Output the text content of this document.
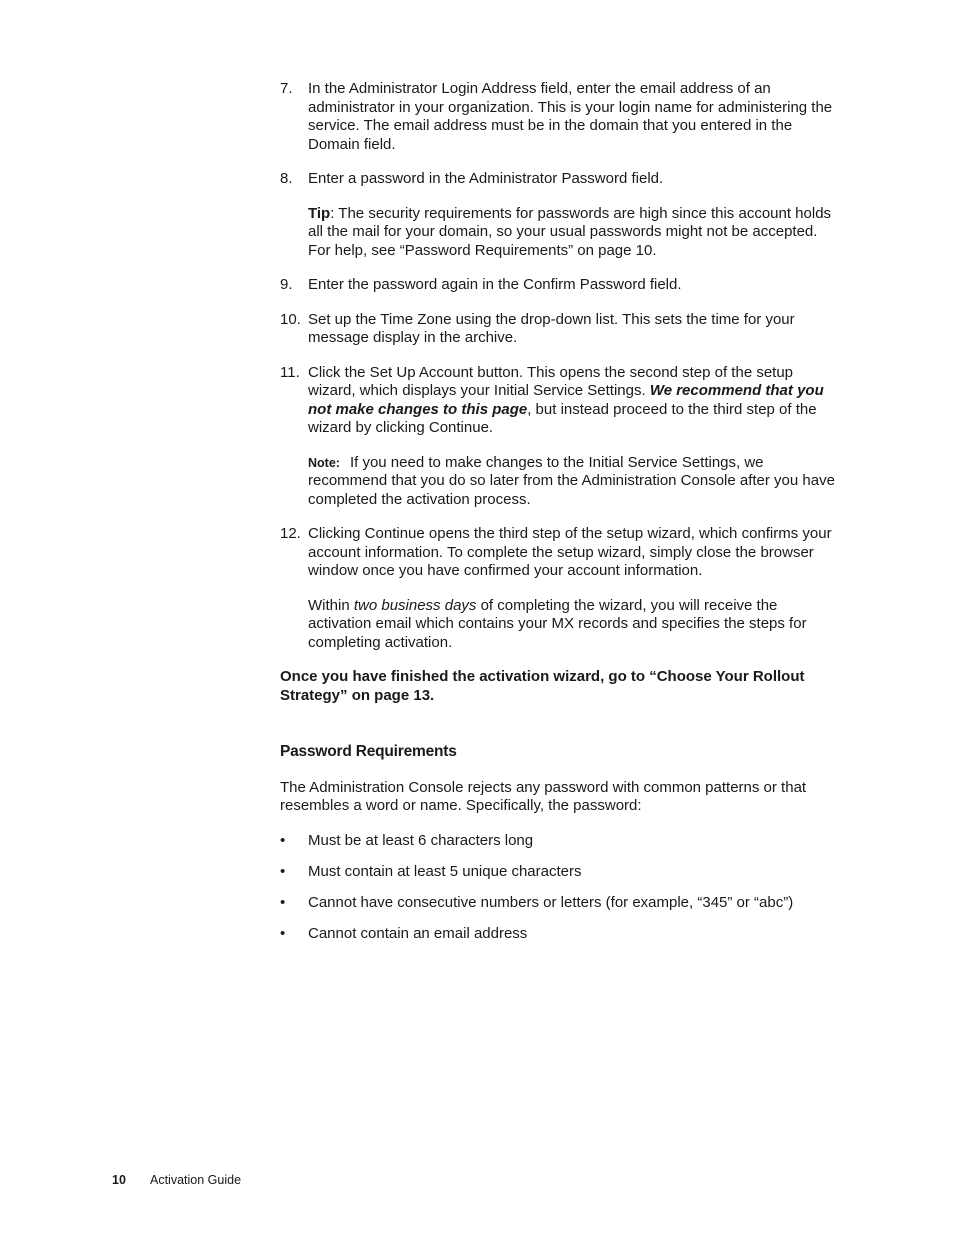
7. In the Administrator Login Address field, enter the email address of an administrator in your organization. This is your login name for administering the service. The email address must be in the domain that you entered in the Domain field.
8. Enter a password in the Administrator Password field.
Tip: The security requirements for passwords are high since this account holds all the mail for your domain, so your usual passwords might not be accepted. For help, see “Password Requirements” on page 10.
9. Enter the password again in the Confirm Password field.
10. Set up the Time Zone using the drop-down list. This sets the time for your message display in the archive.
11. Click the Set Up Account button. This opens the second step of the setup wizard, which displays your Initial Service Settings. We recommend that you not make changes to this page, but instead proceed to the third step of the wizard by clicking Continue.
Note: If you need to make changes to the Initial Service Settings, we recommend that you do so later from the Administration Console after you have completed the activation process.
12. Clicking Continue opens the third step of the setup wizard, which confirms your account information. To complete the setup wizard, simply close the browser window once you have confirmed your account information.
Within two business days of completing the wizard, you will receive the activation email which contains your MX records and specifies the steps for completing activation.
Once you have finished the activation wizard, go to “Choose Your Rollout Strategy” on page 13.
Password Requirements
The Administration Console rejects any password with common patterns or that resembles a word or name. Specifically, the password:
• Must be at least 6 characters long
• Must contain at least 5 unique characters
• Cannot have consecutive numbers or letters (for example, “345” or “abc”)
• Cannot contain an email address
10 Activation Guide
